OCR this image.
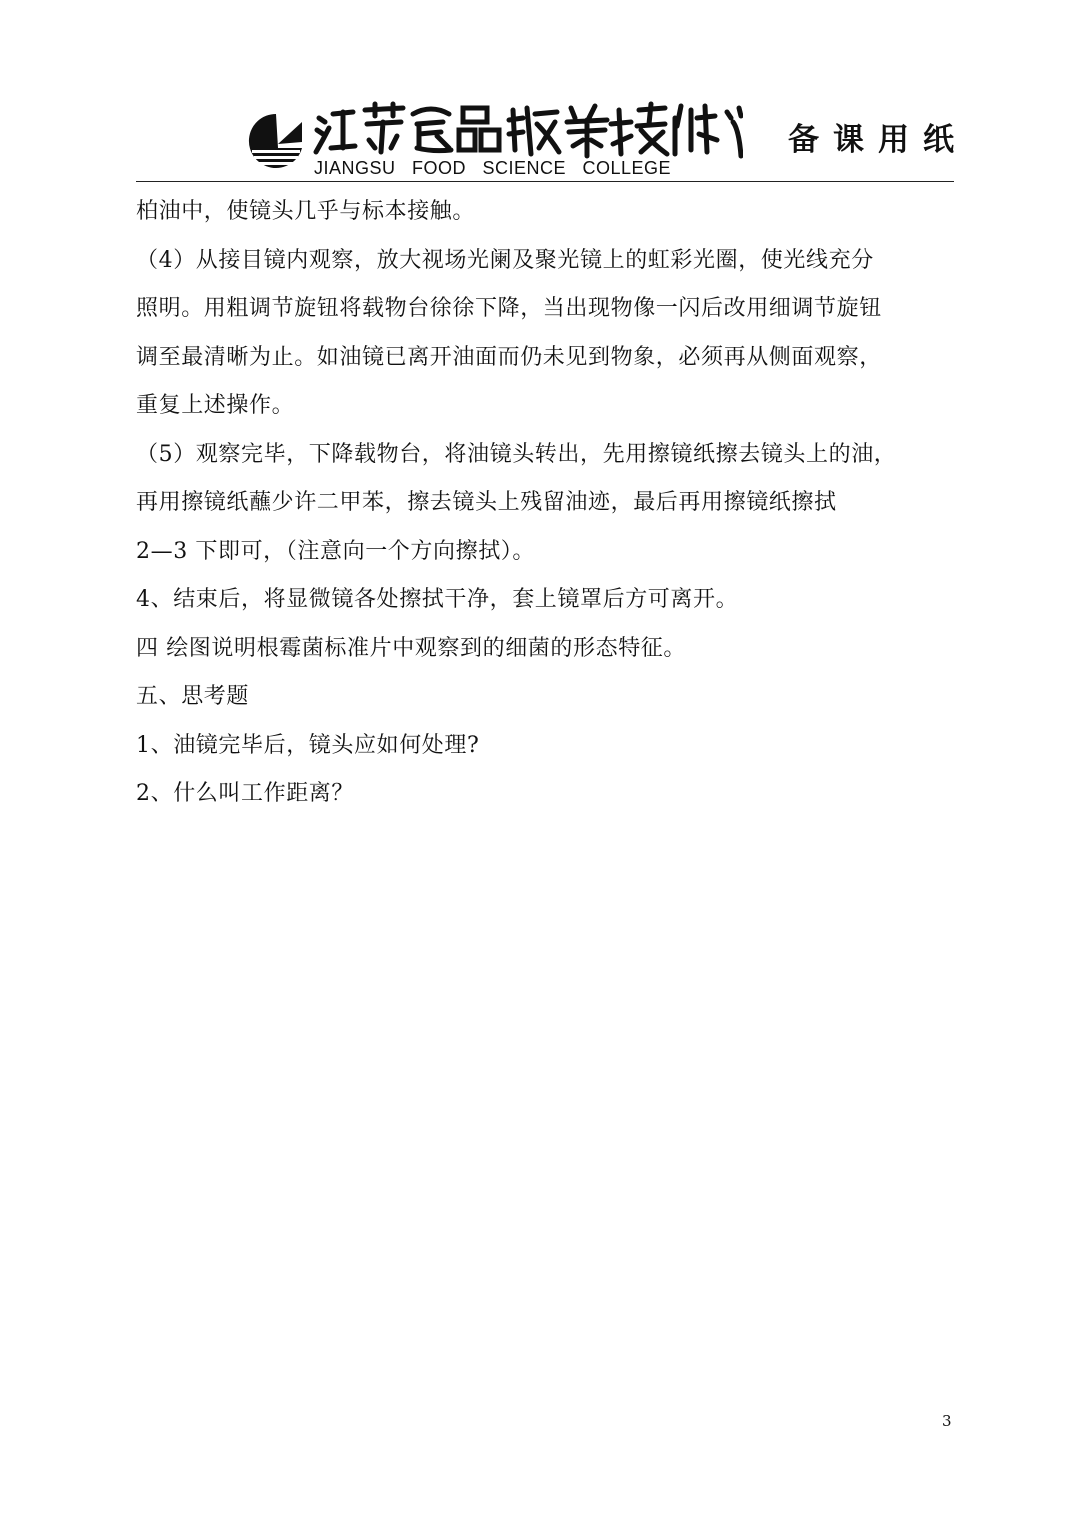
JIANGSU   FOOD   SCIENCE   COLLEGE
备课用纸

柏油中，使镜头几乎与标本接触。

（4）从接目镜内观察，放大视场光阑及聚光镜上的虹彩光圈，使光线充分

照明。用粗调节旋钮将载物台徐徐下降，当出现物像一闪后改用细调节旋钮

调至最清晰为止。如油镜已离开油面而仍未见到物象，必须再从侧面观察，

重复上述操作。

（5）观察完毕，下降载物台，将油镜头转出，先用擦镜纸擦去镜头上的油，

再用擦镜纸蘸少许二甲苯，擦去镜头上残留油迹，最后再用擦镜纸擦拭

2—3 下即可，（注意向一个方向擦拭）。

4、结束后，将显微镜各处擦拭干净，套上镜罩后方可离开。

四 绘图说明根霉菌标准片中观察到的细菌的形态特征。

五、思考题

1、油镜完毕后，镜头应如何处理?

2、什么叫工作距离？

3
